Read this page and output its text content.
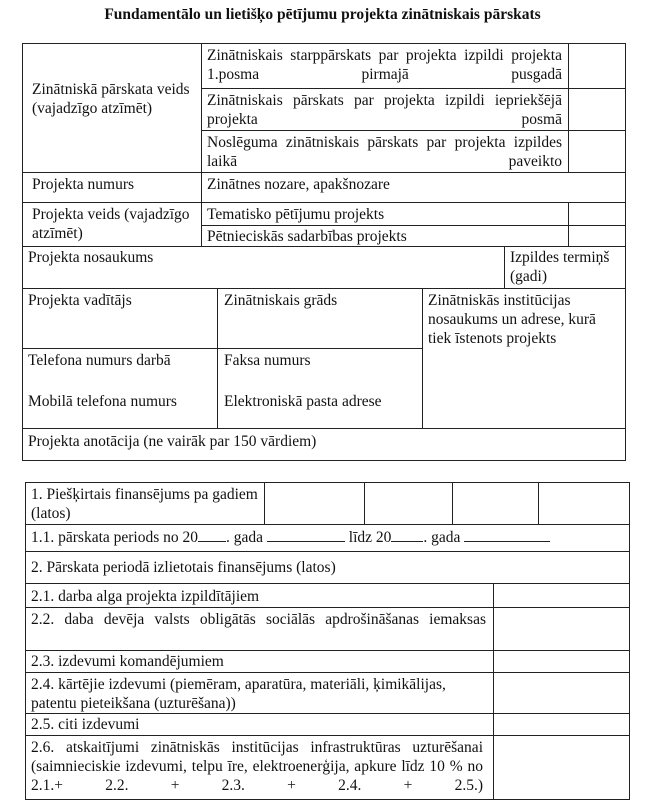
Fundamentālo un lietišķo pētījumu projekta zinātniskais pārskats
Zinātniskā pārskata veids (vajadzīgo atzīmēt)
Zinātniskais starppārskats par projekta izpildi projekta 1.posma pirmajā pusgadā
Zinātniskais pārskats par projekta izpildi iepriekšējā projekta posmā
Noslēguma zinātniskais pārskats par projekta izpildes laikā paveikto
Projekta numurs	Zinātnes nozare, apakšnozare
Projekta veids (vajadzīgo atzīmēt)
Tematisko pētījumu projekts
Pētnieciskās sadarbības projekts
Projekta nosaukums	Izpildes termiņš (gadi)
Projekta vadītājs	Zinātniskais grāds	Zinātniskās institūcijas nosaukums un adrese, kurā tiek īstenots projekts
Telefona numurs darbā	Faksa numurs
Mobilā telefona numurs	Elektroniskā pasta adrese
Projekta anotācija (ne vairāk par 150 vārdiem)
1. Piešķirtais finansējums pa gadiem (latos)
1.1. pārskata periods no 20 . gada	līdz 20 . gada
2. Pārskata periodā izlietotais finansējums (latos)
2.1. darba alga projekta izpildītājiem
2.2. daba devēja valsts obligātās sociālās apdrošināšanas iemaksas
2.3. izdevumi komandējumiem
2.4. kārtējie izdevumi (piemēram, aparatūra, materiāli, ķimikālijas, patentu pieteikšana (uzturēšana))
2.5. citi izdevumi
2.6. atskaitījumi zinātniskās institūcijas infrastruktūras uzturēšanai (saimnieciskie izdevumi, telpu īre, elektroenerģija, apkure līdz 10 % no 2.1.+ 2.2. + 2.3. + 2.4. + 2.5.)
